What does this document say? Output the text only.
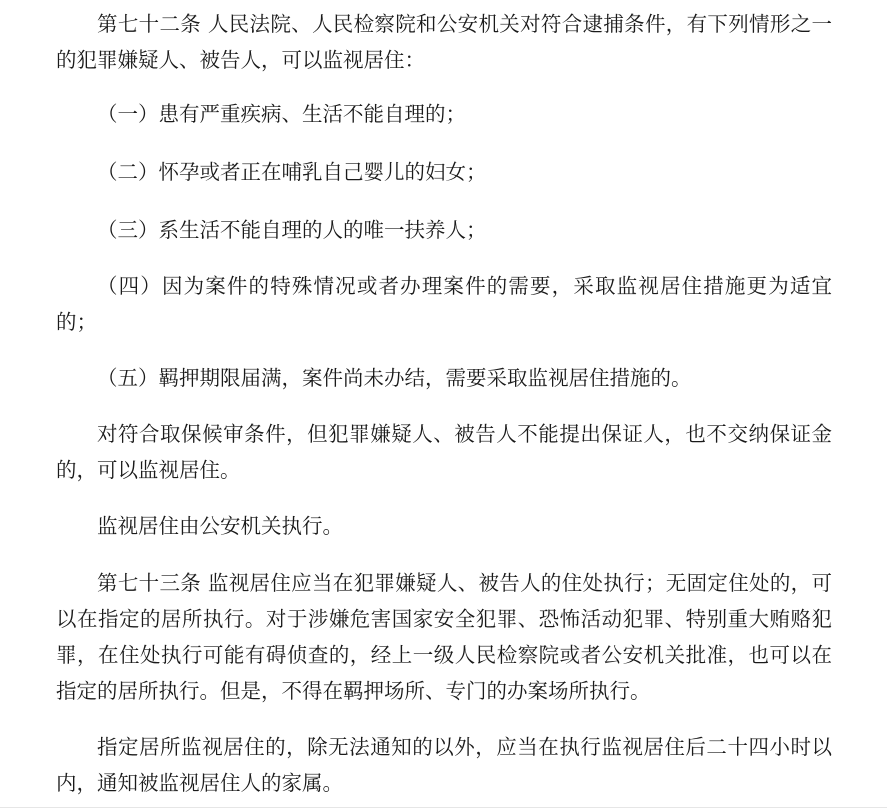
第七十二条 人民法院、人民检察院和公安机关对符合逮捕条件，有下列情形之一的犯罪嫌疑人、被告人，可以监视居住：

（一）患有严重疾病、生活不能自理的；

（二）怀孕或者正在哺乳自己婴儿的妇女；

（三）系生活不能自理的人的唯一扶养人；

（四）因为案件的特殊情况或者办理案件的需要，采取监视居住措施更为适宜的；

（五）羁押期限届满，案件尚未办结，需要采取监视居住措施的。

对符合取保候审条件，但犯罪嫌疑人、被告人不能提出保证人，也不交纳保证金的，可以监视居住。

监视居住由公安机关执行。

第七十三条 监视居住应当在犯罪嫌疑人、被告人的住处执行；无固定住处的，可以在指定的居所执行。对于涉嫌危害国家安全犯罪、恐怖活动犯罪、特别重大贿赂犯罪，在住处执行可能有碍侦查的，经上一级人民检察院或者公安机关批准，也可以在指定的居所执行。但是，不得在羁押场所、专门的办案场所执行。

指定居所监视居住的，除无法通知的以外，应当在执行监视居住后二十四小时以内，通知被监视居住人的家属。
